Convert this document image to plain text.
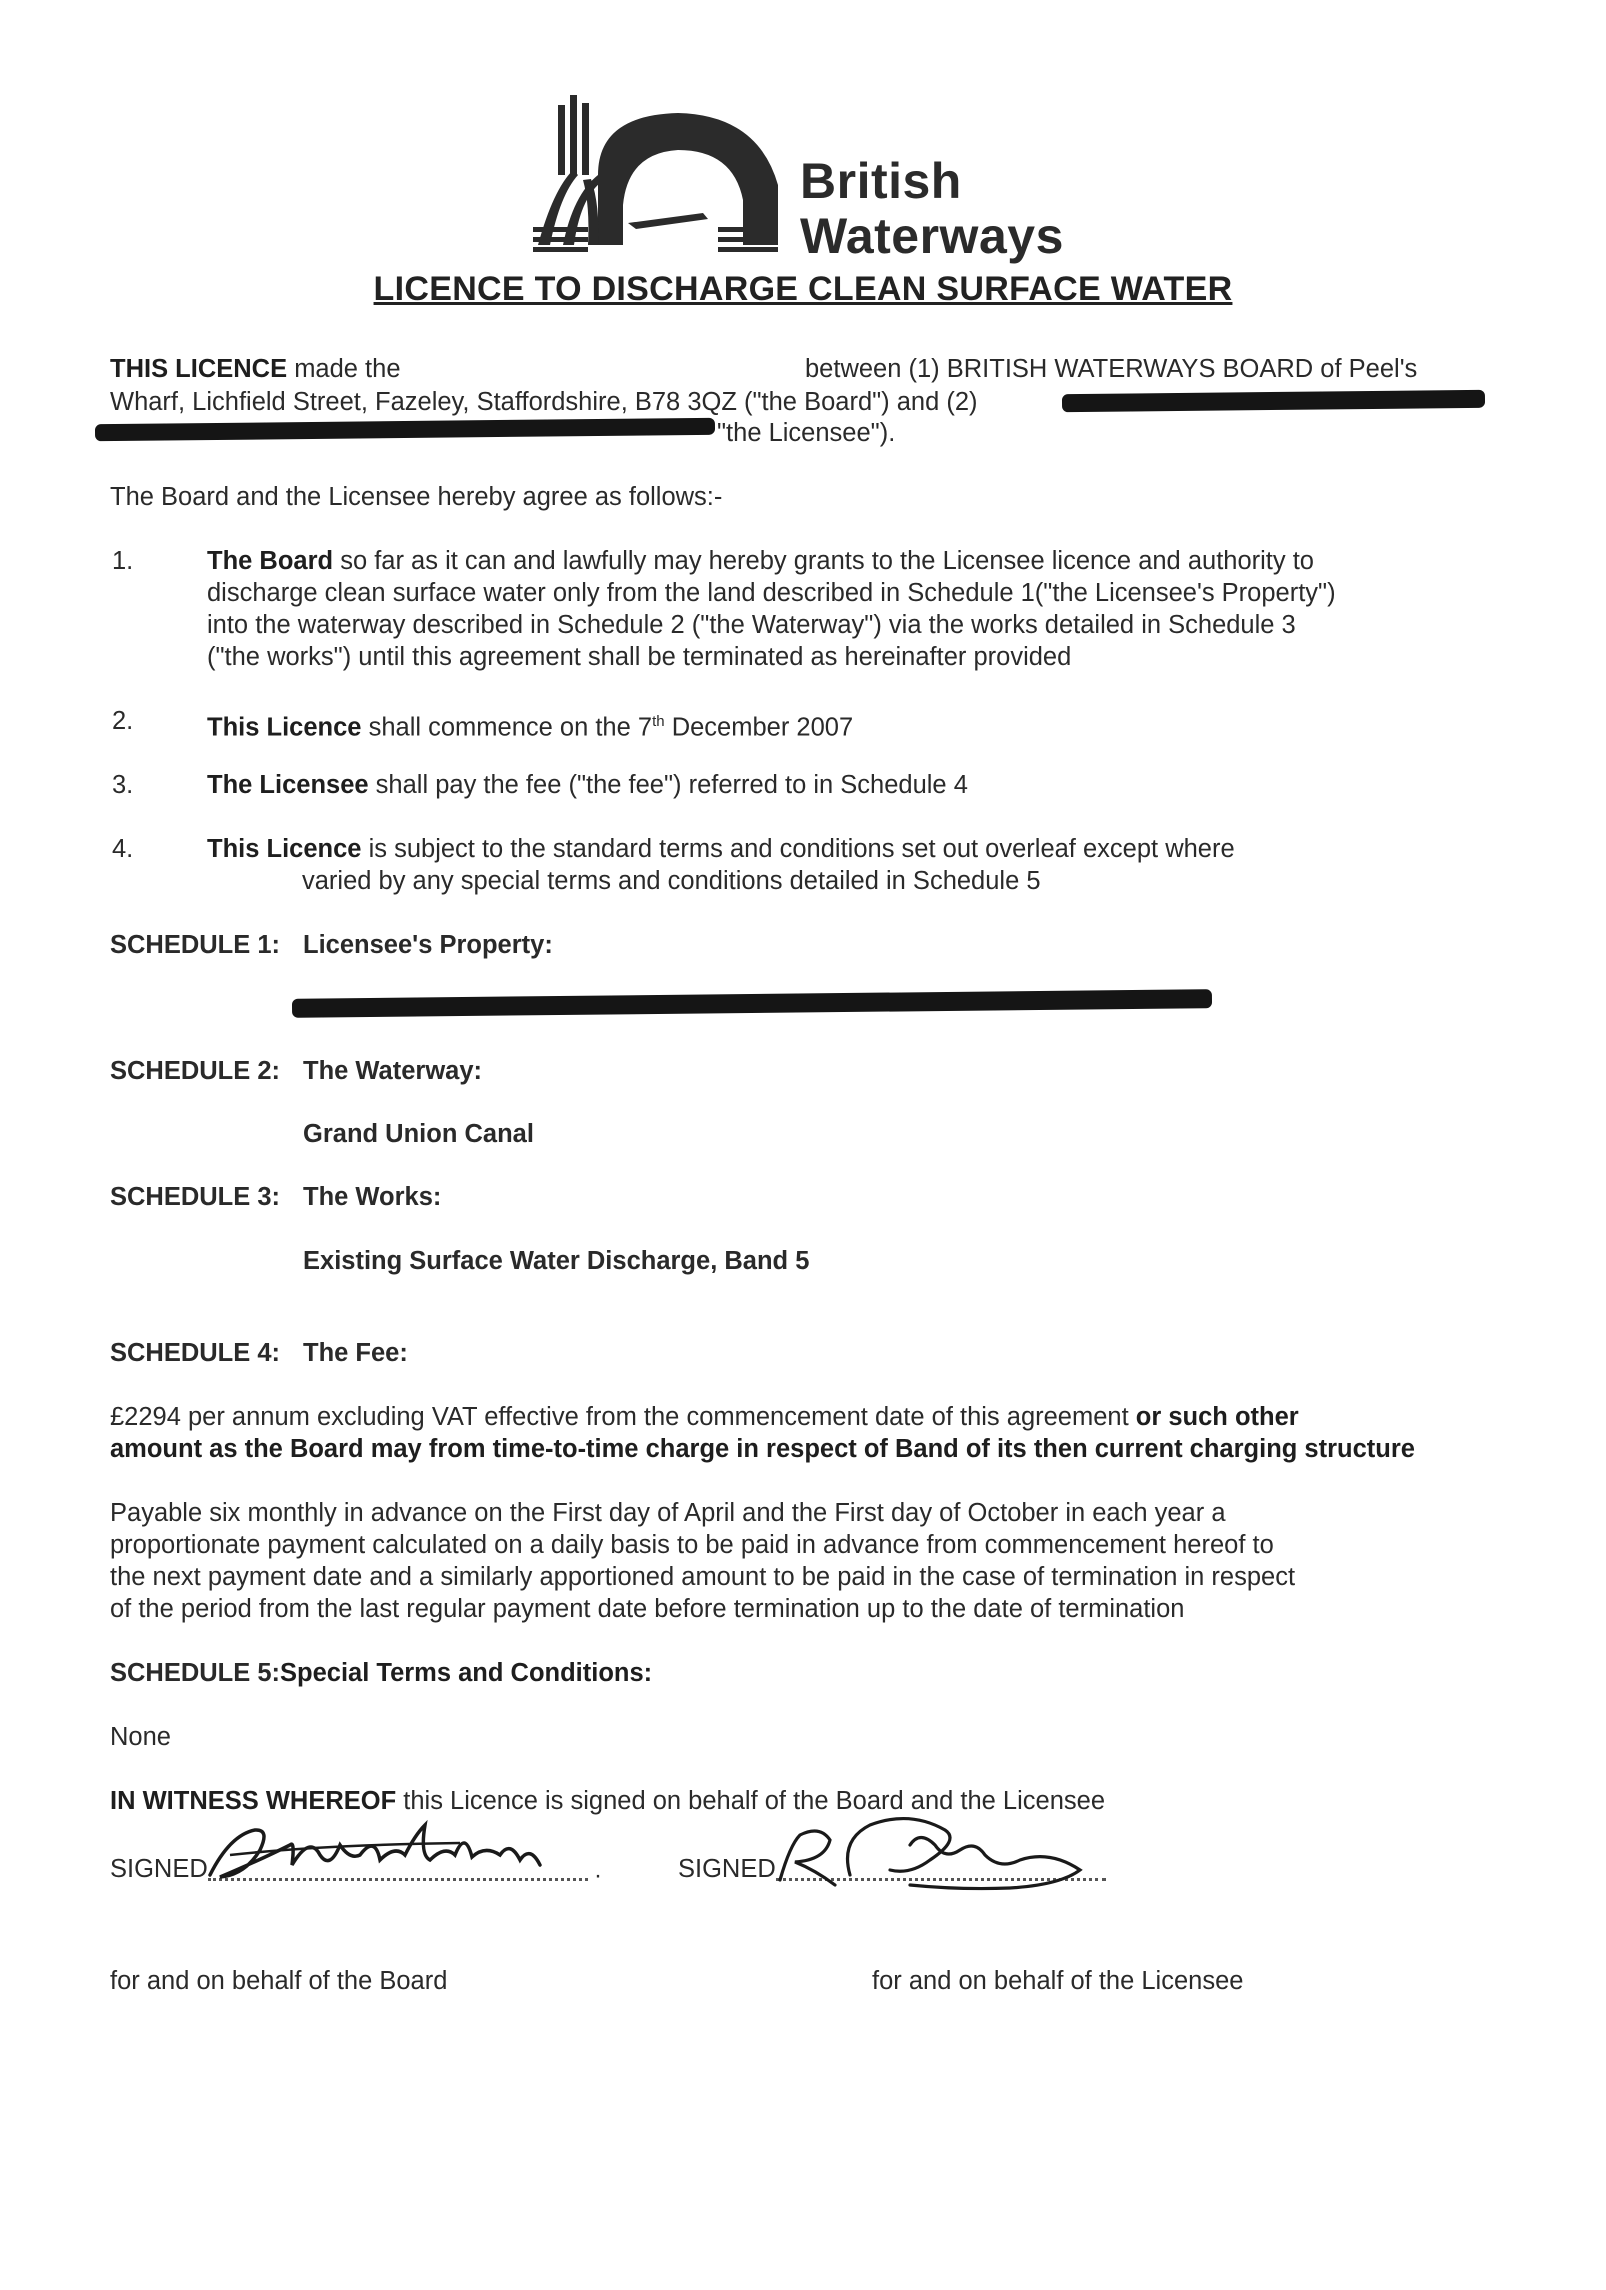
British
Waterways
LICENCE TO DISCHARGE CLEAN SURFACE WATER
THIS LICENCE made the	between (1) BRITISH WATERWAYS BOARD of Peel's
Wharf, Lichfield Street, Fazeley, Staffordshire, B78 3QZ ("the Board") and (2)
"the Licensee").
The Board and the Licensee hereby agree as follows:-
1.	The Board so far as it can and lawfully may hereby grants to the Licensee licence and authority to
discharge clean surface water only from the land described in Schedule 1("the Licensee's Property")
into the waterway described in Schedule 2 ("the Waterway") via the works detailed in Schedule 3
("the works") until this agreement shall be terminated as hereinafter provided
2.	This Licence shall commence on the 7th December 2007
3.	The Licensee shall pay the fee ("the fee") referred to in Schedule 4
4.	This Licence is subject to the standard terms and conditions set out overleaf except where
varied by any special terms and conditions detailed in Schedule 5
SCHEDULE 1: Licensee's Property:
SCHEDULE 2: The Waterway:
Grand Union Canal
SCHEDULE 3: The Works:
Existing Surface Water Discharge, Band 5
SCHEDULE 4: The Fee:
£2294 per annum excluding VAT effective from the commencement date of this agreement or such other
amount as the Board may from time-to-time charge in respect of Band of its then current charging structure
Payable six monthly in advance on the First day of April and the First day of October in each year a
proportionate payment calculated on a daily basis to be paid in advance from commencement hereof to
the next payment date and a similarly apportioned amount to be paid in the case of termination in respect
of the period from the last regular payment date before termination up to the date of termination
SCHEDULE 5: Special Terms and Conditions:
None
IN WITNESS WHEREOF this Licence is signed on behalf of the Board and the Licensee
SIGNED	·	SIGNED
for and on behalf of the Board	for and on behalf of the Licensee
